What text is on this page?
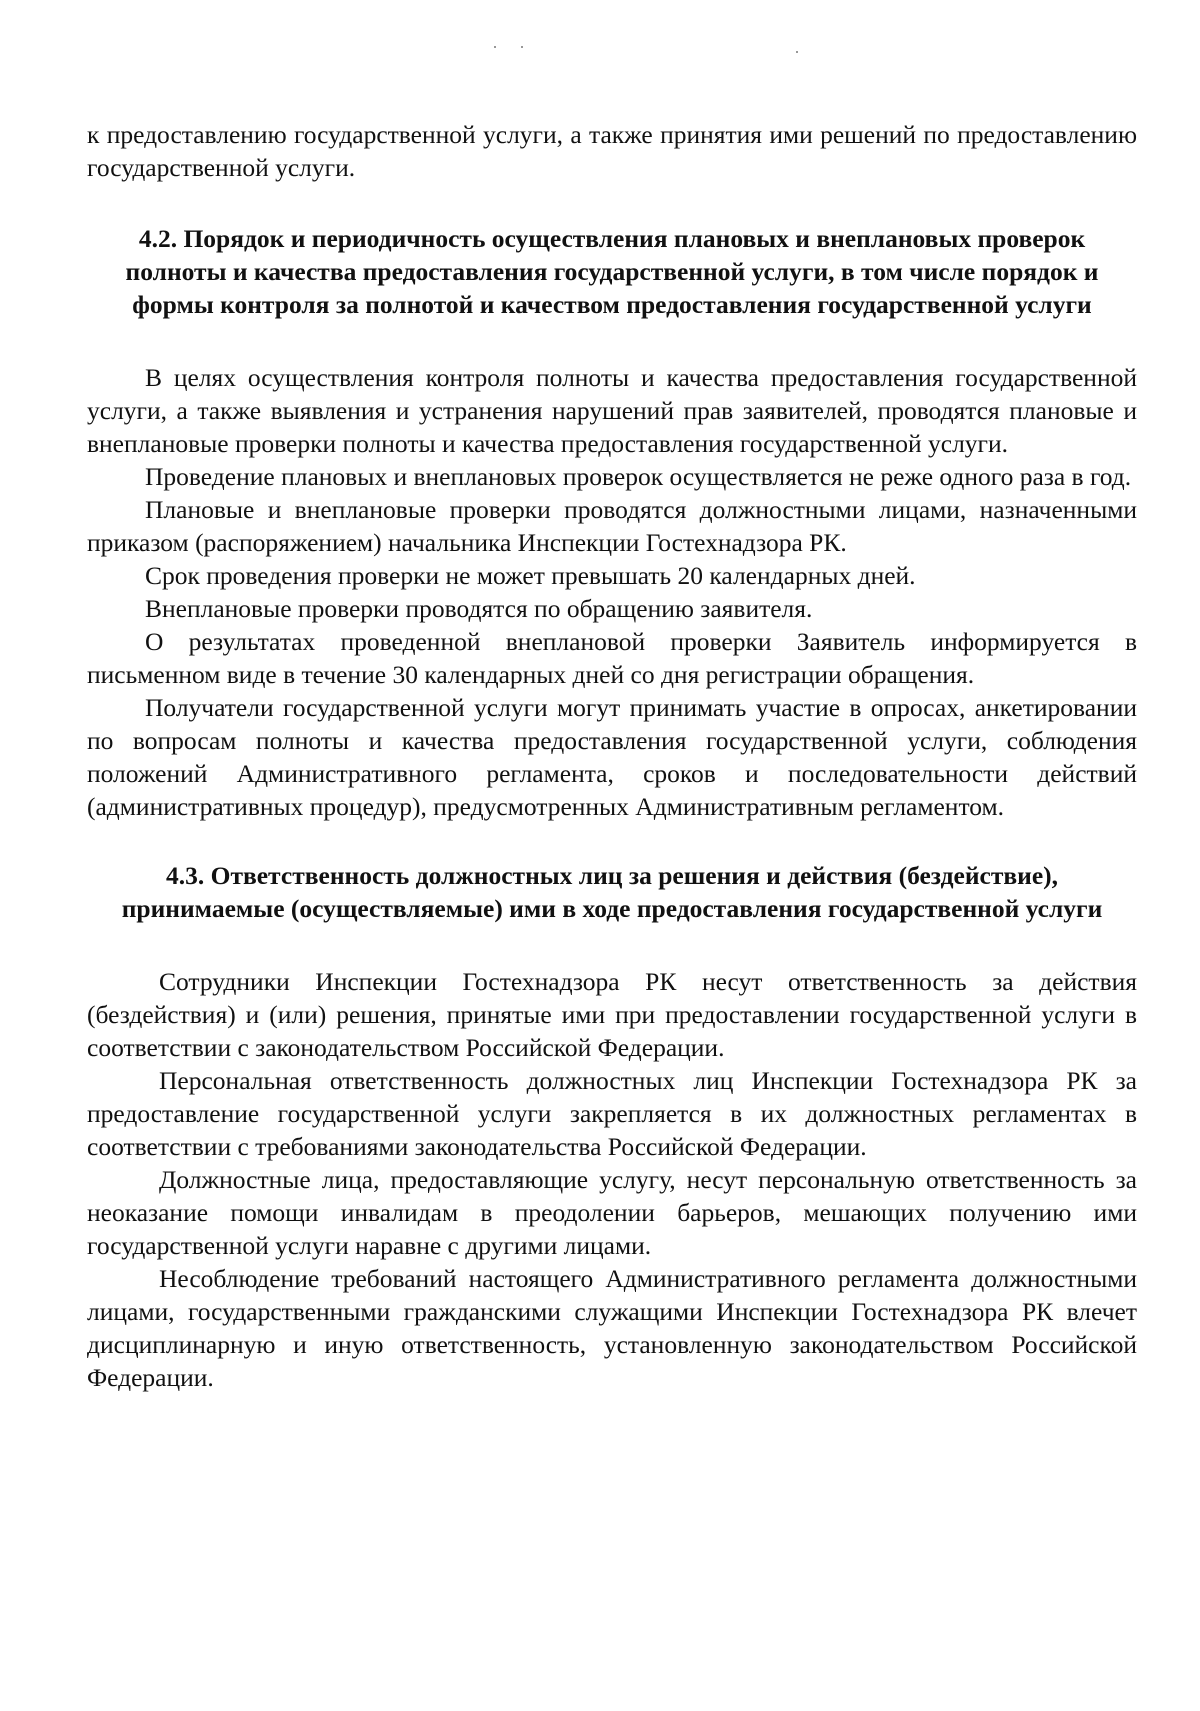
к предоставлению государственной услуги, а также принятия ими решений по предоставлению государственной услуги.

4.2. Порядок и периодичность осуществления плановых и внеплановых проверок полноты и качества предоставления государственной услуги, в том числе порядок и формы контроля за полнотой и качеством предоставления государственной услуги

В целях осуществления контроля полноты и качества предоставления государственной услуги, а также выявления и устранения нарушений прав заявителей, проводятся плановые и внеплановые проверки полноты и качества предоставления государственной услуги.

Проведение плановых и внеплановых проверок осуществляется не реже одного раза в год.

Плановые и внеплановые проверки проводятся должностными лицами, назначенными приказом (распоряжением) начальника Инспекции Гостехнадзора РК.

Срок проведения проверки не может превышать 20 календарных дней.

Внеплановые проверки проводятся по обращению заявителя.

О результатах проведенной внеплановой проверки Заявитель информируется в письменном виде в течение 30 календарных дней со дня регистрации обращения.

Получатели государственной услуги могут принимать участие в опросах, анкетировании по вопросам полноты и качества предоставления государственной услуги, соблюдения положений Административного регламента, сроков и последовательности действий (административных процедур), предусмотренных Административным регламентом.

4.3. Ответственность должностных лиц за решения и действия (бездействие), принимаемые (осуществляемые) ими в ходе предоставления государственной услуги

Сотрудники Инспекции Гостехнадзора РК несут ответственность за действия (бездействия) и (или) решения, принятые ими при предоставлении государственной услуги в соответствии с законодательством Российской Федерации.

Персональная ответственность должностных лиц Инспекции Гостехнадзора РК за предоставление государственной услуги закрепляется в их должностных регламентах в соответствии с требованиями законодательства Российской Федерации.

Должностные лица, предоставляющие услугу, несут персональную ответственность за неоказание помощи инвалидам в преодолении барьеров, мешающих получению ими государственной услуги наравне с другими лицами.

Несоблюдение требований настоящего Административного регламента должностными лицами, государственными гражданскими служащими Инспекции Гостехнадзора РК влечет дисциплинарную и иную ответственность, установленную законодательством Российской Федерации.
